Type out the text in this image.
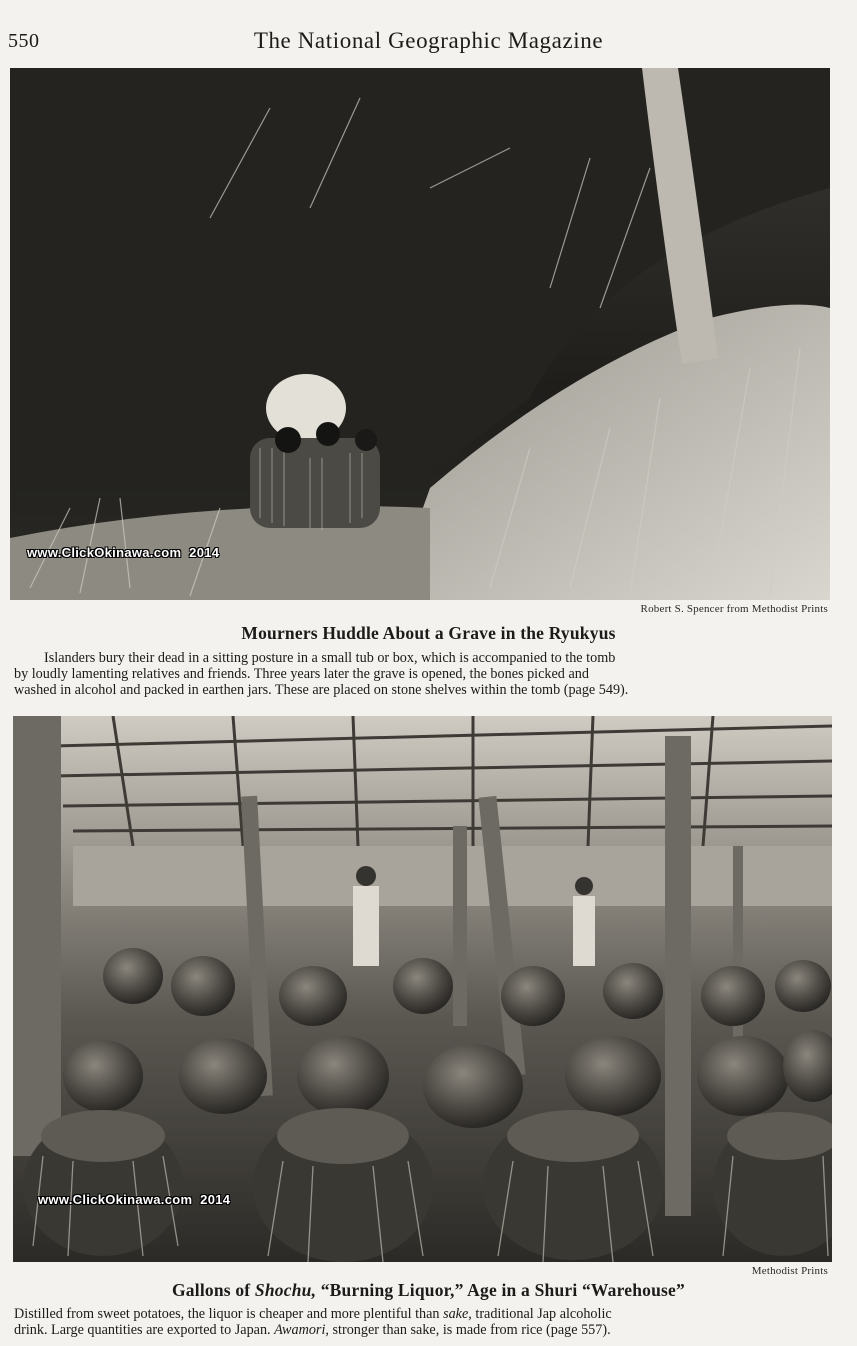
550	The National Geographic Magazine
www.ClickOkinawa.com  2014
Robert S. Spencer from Methodist Prints
Mourners Huddle About a Grave in the Ryukyus
Islanders bury their dead in a sitting posture in a small tub or box, which is accompanied to the tomb
by loudly lamenting relatives and friends. Three years later the grave is opened, the bones picked and
washed in alcohol and packed in earthen jars. These are placed on stone shelves within the tomb (page 549).
www.ClickOkinawa.com  2014
Methodist Prints
Gallons of Shochu, “Burning Liquor,” Age in a Shuri “Warehouse”
Distilled from sweet potatoes, the liquor is cheaper and more plentiful than sake, traditional Jap alcoholic
drink. Large quantities are exported to Japan. Awamori, stronger than sake, is made from rice (page 557).
